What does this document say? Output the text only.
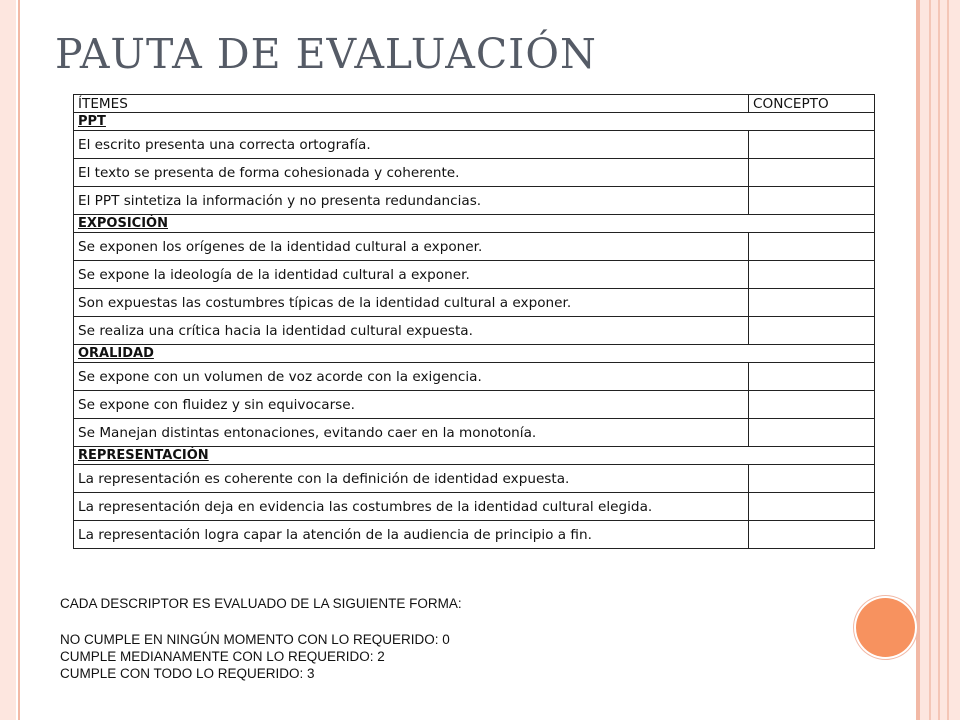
PAUTA DE EVALUACIÓN
ÍTEMES	CONCEPTO
PPT	
El escrito presenta una correcta ortografía.	
El texto se presenta de forma cohesionada y coherente.	
El PPT sintetiza la información y no presenta redundancias.	
EXPOSICIÓN	
Se exponen los orígenes de la identidad cultural a exponer.	
Se expone la ideología de la identidad cultural a exponer.	
Son expuestas las costumbres típicas de la identidad cultural a exponer.	
Se realiza una crítica hacia la identidad cultural expuesta.	
ORALIDAD	
Se expone con un volumen de voz acorde con la exigencia.	
Se expone con fluidez y sin equivocarse.	
Se Manejan distintas entonaciones, evitando caer en la monotonía.	
REPRESENTACIÓN	
La representación es coherente con la definición de identidad expuesta.	
La representación deja en evidencia las costumbres de la identidad cultural elegida.	
La representación logra capar la atención de la audiencia de principio a fin.	
CADA DESCRIPTOR ES EVALUADO DE LA SIGUIENTE FORMA:
NO CUMPLE EN NINGÚN MOMENTO CON LO REQUERIDO: 0
CUMPLE MEDIANAMENTE CON LO REQUERIDO: 2
CUMPLE CON TODO LO REQUERIDO: 3
